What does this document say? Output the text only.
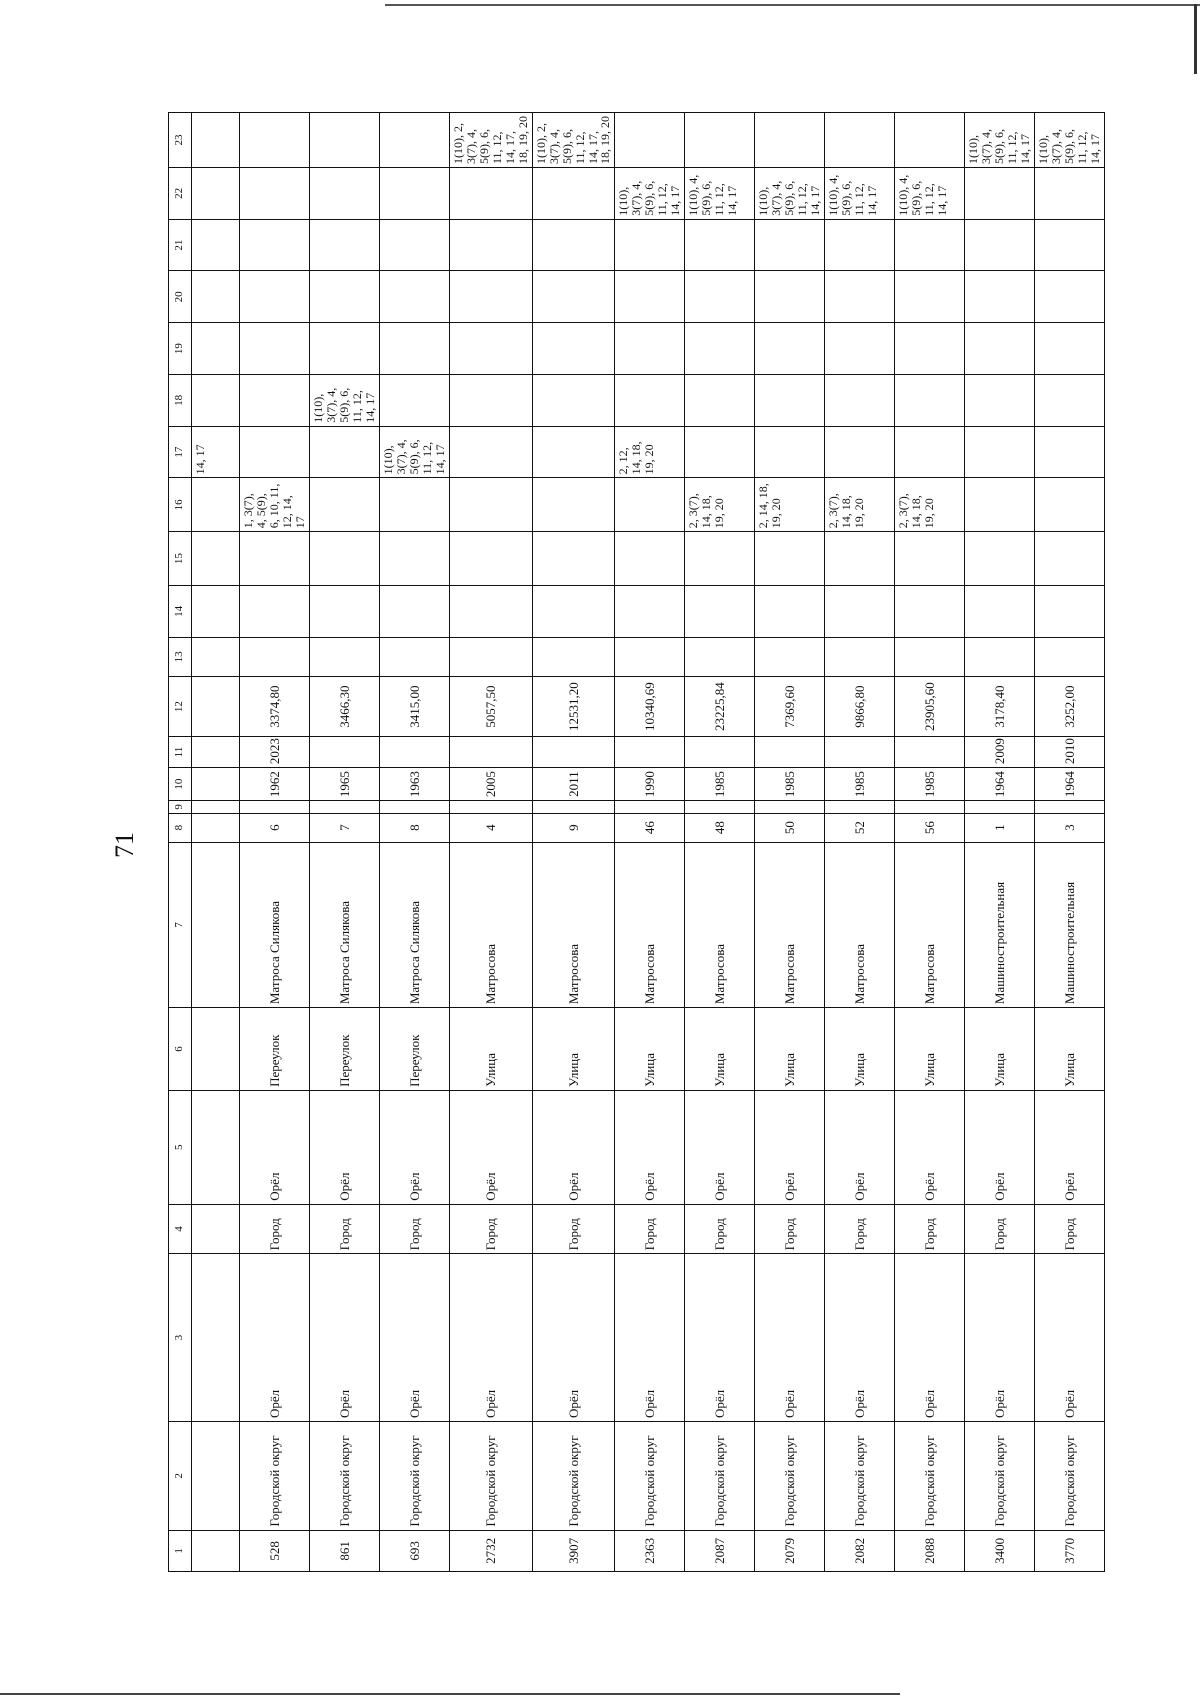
71
1	2	3	4	5	6	7	8	9	10	11	12	13	14	15	16	17	18	19	20	21	22	23
																14, 17						
528	Городской округ	Орёл	Город	Орёл	Переулок	Матроса Силякова	6		1962	2023	3374,80				1, 3(7), 4, 5(9), 6, 10, 11, 12, 14, 17							
861	Городской округ	Орёл	Город	Орёл	Переулок	Матроса Силякова	7		1965		3466,30						1(10), 3(7), 4, 5(9), 6, 11, 12, 14, 17					
693	Городской округ	Орёл	Город	Орёл	Переулок	Матроса Силякова	8		1963		3415,00					1(10), 3(7), 4, 5(9), 6, 11, 12, 14, 17						
2732	Городской округ	Орёл	Город	Орёл	Улица	Матросова	4		2005		5057,50											1(10), 2, 3(7), 4, 5(9), 6, 11, 12, 14, 17, 18, 19, 20
3907	Городской округ	Орёл	Город	Орёл	Улица	Матросова	9		2011		12531,20											1(10), 2, 3(7), 4, 5(9), 6, 11, 12, 14, 17, 18, 19, 20
2363	Городской округ	Орёл	Город	Орёл	Улица	Матросова	46		1990		10340,69					2, 12, 14, 18, 19, 20					1(10), 3(7), 4, 5(9), 6, 11, 12, 14, 17	
2087	Городской округ	Орёл	Город	Орёл	Улица	Матросова	48		1985		23225,84				2, 3(7), 14, 18, 19, 20						1(10), 4, 5(9), 6, 11, 12, 14, 17	
2079	Городской округ	Орёл	Город	Орёл	Улица	Матросова	50		1985		7369,60				2, 14, 18, 19, 20						1(10), 3(7), 4, 5(9), 6, 11, 12, 14, 17	
2082	Городской округ	Орёл	Город	Орёл	Улица	Матросова	52		1985		9866,80				2, 3(7), 14, 18, 19, 20						1(10), 4, 5(9), 6, 11, 12, 14, 17	
2088	Городской округ	Орёл	Город	Орёл	Улица	Матросова	56		1985		23905,60				2, 3(7), 14, 18, 19, 20						1(10), 4, 5(9), 6, 11, 12, 14, 17	
3400	Городской округ	Орёл	Город	Орёл	Улица	Машиностроительная	1		1964	2009	3178,40											1(10), 3(7), 4, 5(9), 6, 11, 12, 14, 17
3770	Городской округ	Орёл	Город	Орёл	Улица	Машиностроительная	3		1964	2010	3252,00											1(10), 3(7), 4, 5(9), 6, 11, 12, 14, 17
